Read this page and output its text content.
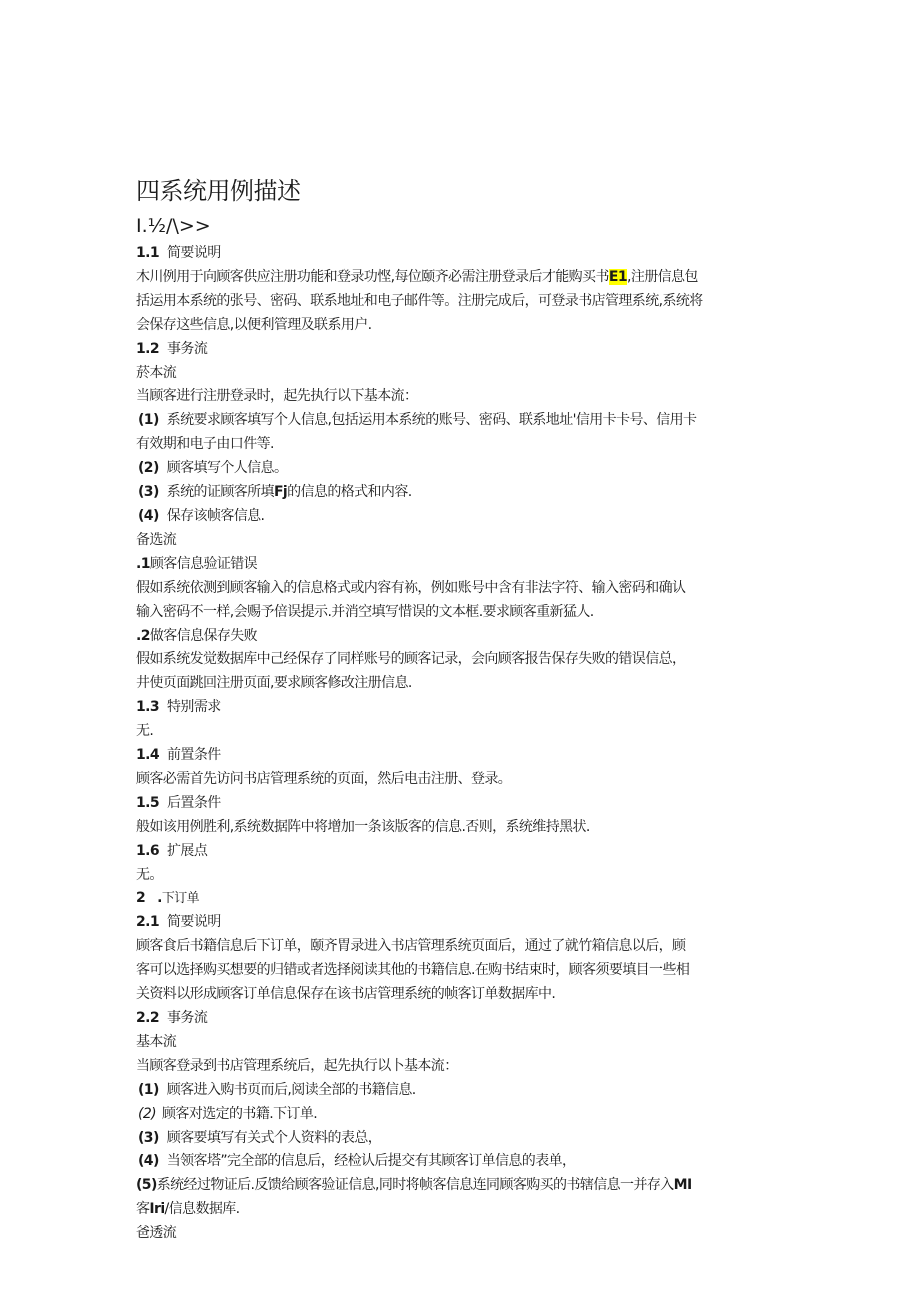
四系统用例描述
I.½/\>>
1.1 简要说明
木川例用于向顾客供应注册功能和登录功悭,每位颐齐必需注册登录后才能购买书E1,注册信息包
括运用本系统的张号、密码、联系地址和电子邮件等。注册完成后，可登录书店管理系统,系统将
会保存这些信息,以便利管理及联系用户.
1.2 事务流
菸本流
当顾客进行注册登录时，起先执行以下基本流：
(1) 系统要求顾客填写个人信息,包括运用本系统的账号、密码、联系地址'信用卡卡号、信用卡
有效期和电子由口件等.
(2) 顾客填写个人信息。
(3) 系统的证顾客所填Fj的信息的格式和内容.
(4) 保存该帧客信息.
备选流
.1顾客信息验证错误
假如系统依测到顾客输入的信息格式或内容有袮，例如账号中含有非法字符、输入密码和确认
输入密码不一样,会赐予倍误提示.并消空填写惜误的文本框.要求顾客重新猛人.
.2做客信息保存失败
假如系统发觉数据库中己经保存了同样账号的顾客记录，会向顾客报告保存失败的错误信总，
井使页面跳回注册页面,要求顾客修改注册信息.
1.3 特别需求
无.
1.4 前置条件
顾客必需首先访问书店管理系统的页面，然后电击注册、登录。
1.5 后置条件
般如该用例胜利,系统数据阵中将增加一条该版客的信息.否则，系统维持黑状.
1.6 扩展点
无。
2 .下订单
2.1 简要说明
顾客食后书籍信息后下订单，颐齐胃录进入书店管理系统页面后，通过了就竹箱信息以后，顾
客可以选择购买想要的归错或者选择阅读其他的书籍信息.在购书结束时，顾客须要填目一些相
关资料以形成顾客订单信息保存在该书店管理系统的帧客订单数据库中.
2.2 事务流
基本流
当顾客登录到书店管理系统后，起先执行以卜基本流：
(1) 顾客进入购书页而后,阅读全部的书籍信息.
(2) 顾客对选定的书籍.下订单.
(3) 顾客要填写有关式个人资料的表总，
(4) 当领客塔”完全部的信息后，经检认后提交有其顾客订单信息的表单，
(5)系统经过物证后.反馈给顾客验证信息,同时将帧客信息连同顾客购买的书辖信息一并存入MI
客Iri/信息数据库.
爸透流
